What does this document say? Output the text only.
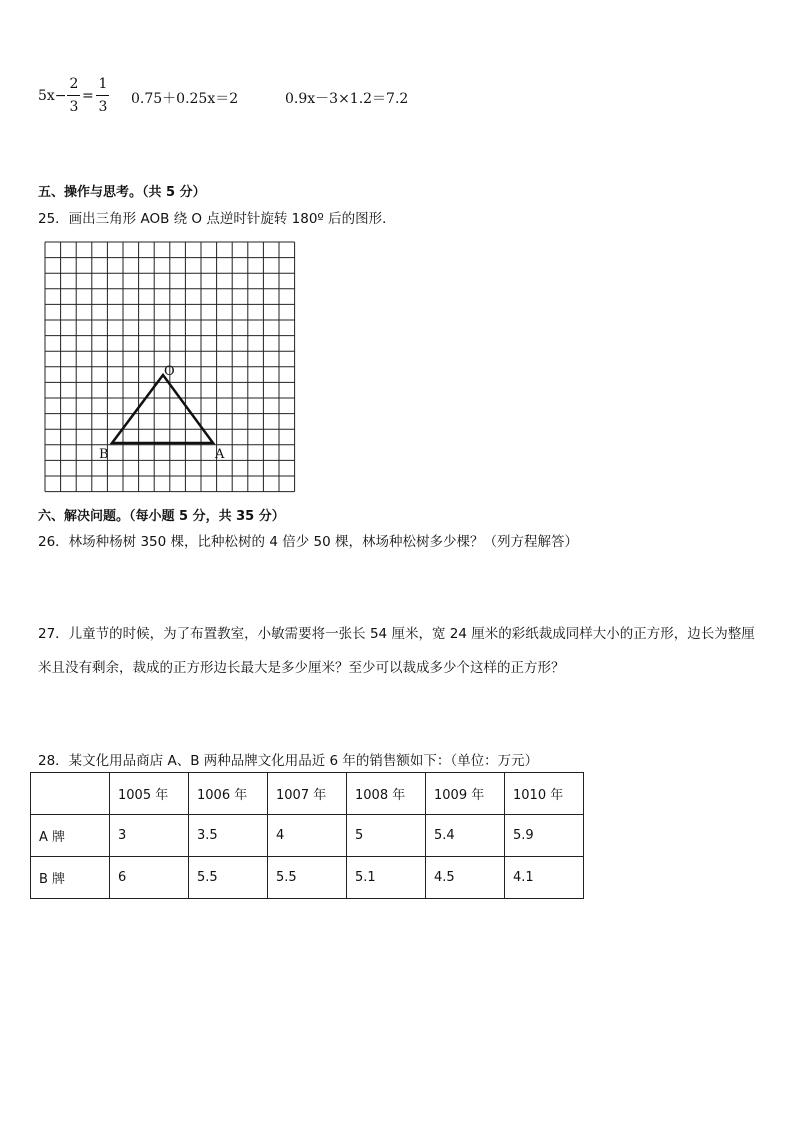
5x−
2
3
=
1
3 0.75＋0.25x＝2	0.9x－3×1.2＝7.2
五、操作与思考。（共 5 分）
25．画出三角形 AOB 绕 O 点逆时针旋转 180º 后的图形．
O
B	A
六、解决问题。（每小题 5 分，共 35 分）
26．林场种杨树 350 棵，比种松树的 4 倍少 50 棵，林场种松树多少棵？（列方程解答）
27．儿童节的时候，为了布置教室，小敏需要将一张长 54 厘米，宽 24 厘米的彩纸裁成同样大小的正方形，边长为整厘米且没有剩余，裁成的正方形边长最大是多少厘米？至少可以裁成多少个这样的正方形？
28．某文化用品商店 A、B 两种品牌文化用品近 6 年的销售额如下：（单位：万元）
	1005 年	1006 年	1007 年	1008 年	1009 年	1010 年
A 牌	3	3.5	4	5	5.4	5.9
B 牌	6	5.5	5.5	5.1	4.5	4.1
